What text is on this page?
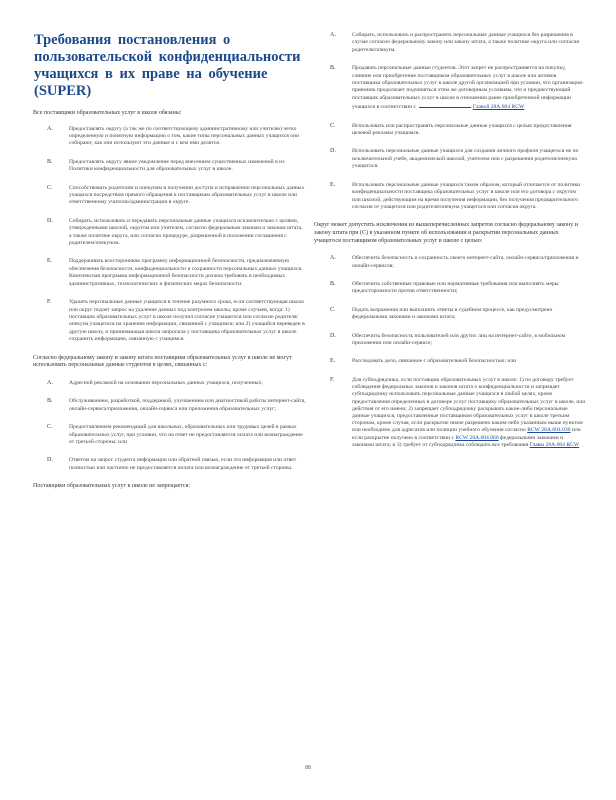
Требования постановления о пользовательской конфиденциальности учащихся в их праве на обучение (SUPER)
Все поставщики образовательных услуг в школе обязаны:
A.	Предоставлять округу (а так же по соответствующему административному или учителю) четко определенную и понятную информацию о том, какие типы персональных данных учащихся они собирают, как они используют эти данные и с кем ими делятся.
B.	Предоставлять округу явное уведомление перед внесением существенных изменений в их Политики конфиденциальности для образовательных услуг в школе.
C.	Способствовать родителям и опекунам в получении доступа и исправлении персональных данных учащихся посредством прямого обращения к поставщикам образовательных услуг в школе или ответственному учителю/администрации в округе.
D.	Собирать, использовать и передавать персональные данные учащихся исключительно с целями, утвержденными школой, округом или учителем, согласно федеральным законам и законам штата, а также политике округа, или согласно процедуре, разрешенной в положении соглашения с родителем/опекуном.
E.	Поддерживать всестороннюю программу информационной безопасности, предназначенную обеспечения безопасности, конфиденциальности и сохранности персональных данных учащихся. Комплексная программа информационной безопасности должна требовать в необходимых административных, технологических и физических мерах безопасности.
F.	Удалять персональные данные учащихся в течение разумного срока, если соответствующая школа или округ подает запрос на удаление данных под контролем школы, кроме случаев, когда: 1) поставщик образовательных услуг в школе получил согласие учащегося или согласие родителя/опекуна учащегося на хранение информации, связанной с учащимся; или 2) учащийся переведен в другую школу, и принимающая школа запросила у поставщика образовательных услуг в школе сохранить информацию, связанную с учащимся.
Согласно федеральному закону и закону штата поставщики образовательных услуг в школе не могут использовать персональные данные студентов в целях, связанных с:
A.	Адресной рекламой на основании персональных данных учащихся, полученных;
B.	Обслуживанием, разработкой, поддержкой, улучшением или диагностикой работы интернет-сайта, онлайн-сервиса/приложения, онлайн-сервиса или приложения образовательных услуг;
C.	Предоставлением рекомендаций для школьных, образовательных или трудовых целей в рамках образовательных услуг, при условии, что на ответ не предоставляется оплата или вознаграждение от третьей стороны; или
D.	Ответом на запрос студента информации или обратной связью, если эта информация или ответ полностью или частично не предоставляется оплата или вознаграждение от третьей стороны.
Поставщики образовательных услуг в школе не запрещается:
A.	Собирать, использовать и распространять персональные данные учащихся без разрешения в случае согласно федеральному закону или закону штата, а также политике округа или согласия родителя/опекуна.
B.	Продавать персональные данные студентов. Этот запрет не распространяется на покупку, слияние или приобретение поставщиком образовательных услуг в школе или активов поставщика образовательных услуг в школе другой организацией при условии, что организация-приемник продолжает подчиняться этим же договорным условиям, что и предшествующий поставщик образовательных услуг в школе в отношении ранее приобретенной информации учащихся в соответствии с	Главой 28A.604 RCW
C.	Использовать или распространять персональные данные учащихся с целью предоставления целевой рекламы учащимся.
D.	Использовать персональные данные учащихся для создания личного профиля учащегося не по исключительной учебе, академической школой, учителем или с разрешения родителя/опекуна учащегося.
E.	Использовать персональные данные учащихся таким образом, который отличается от политики конфиденциальности поставщика образовательных услуг в школе или его договора с округом или школой, действующим на время получения информации, без получения предварительного согласия от учащегося или родителя/опекуна учащегося или согласия округа.
Округ может допустить исключения из вышеперечисленных запретов согласно федеральному закону и закону штата при (C) в указанном пункте об использовании и раскрытии персональных данных учащегося поставщиком образовательных услуг в школе с целью:
A.	Обеспечить безопасность и сохранность своего интернет-сайта, онлайн-сервиса/приложения и онлайн-сервисов;
B.	Обеспечить собственные правовые или нормативные требования или выполнять меры предосторожности против ответственности;
C.	Подать возражения или выполнить ответы в судебном процессе, как предусмотрено федеральными законами и законами штата;
D.	Обеспечить безопасность пользователей или других лиц на интернет-сайте, в мобильном приложении или онлайн-сервисе;
E.	Расследовать дело, связанное с образовательной безопасностью; или
F.	Для субподрядчика, если поставщик образовательных услуг в школе: 1) по договору требует соблюдения федеральных законов и законов штата о конфиденциальности и запрещает субподрядчику использовать персональные данные учащихся в любой целях, кроме предоставления определенных в договоре услуг поставщику образовательных услуг в школе, или действия от его имени; 2) запрещает субподрядчику раскрывать какие-либо персональные данные учащихся, предоставленные поставщиком образовательных услуг в школе третьим сторонам, кроме случая, если раскрытие иначе разрешено каким-либо указанным выше пунктом или необходимо для адресатов или полиции учебного обучения согласно RCW 28A.604.030 или если раскрытие получено в соответствии с RCW 28A.604.060 федеральными законами и законами штата; и 3) требует от субподрядчика соблюдать все требования Главы 28A.604 RCW
88
